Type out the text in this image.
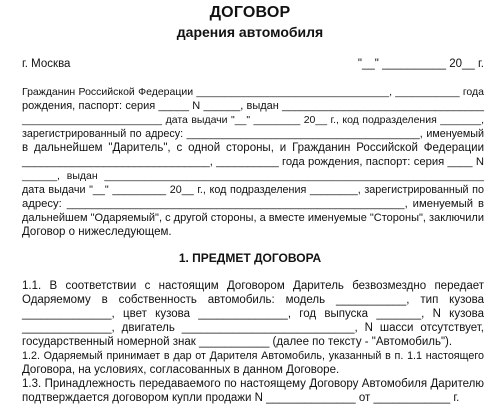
ДОГОВОР
дарения автомобиля
г. Москва	"__" __________ 20__ г.
Гражданин Российской Федерации _________________________________, ___________ года
рождения, паспорт: серия _____ N ______, выдан _________________________________
________________________ дата выдачи "__" ________ 20__ г., код подразделения _______,
зарегистрированный по адресу: _______________________________________, именуемый
в дальнейшем "Даритель", с одной стороны, и Гражданин Российской Федерации
______________________________, __________ года рождения, паспорт: серия ____ N
______, выдан _________________________________________________________________
дата выдачи "__" _________ 20__ г., код подразделения ________, зарегистрированный по
адресу: ______________________________________________________, именуемый в
дальнейшем "Одаряемый", с другой стороны, а вместе именуемые "Стороны", заключили
Договор о нижеследующем.
1. ПРЕДМЕТ ДОГОВОРА
1.1. В соответствии с настоящим Договором Даритель безвозмездно передает
Одаряемому в собственность автомобиль: модель ___________, тип кузова
______________, цвет кузова ______________, год выпуска _______, N кузова
______________, двигатель ___________________________, N шасси отсутствует,
государственный номерной знак ___________ (далее по тексту - "Автомобиль").
1.2. Одаряемый принимает в дар от Дарителя Автомобиль, указанный в п. 1.1 настоящего
Договора, на условиях, согласованных в данном Договоре.
1.3. Принадлежность передаваемого по настоящему Договору Автомобиля Дарителю
подтверждается договором купли продажи N ______________ от ____________ г.
